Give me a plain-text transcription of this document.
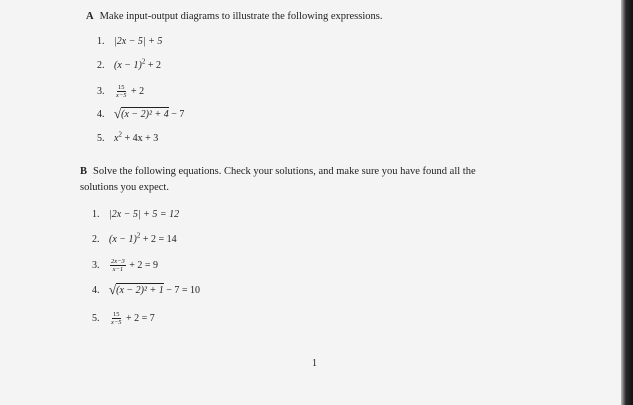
A Make input-output diagrams to illustrate the following expressions.
1. |2x − 5| + 5
2. $(x - 1)^2 + 2$
3. $\frac{15}{x-5} + 2$
4. √(x − 2)² + 4 − 7
5. $x^2 + 4x + 3$
B Solve the following equations. Check your solutions, and make sure you have found all the
solutions you expect.
1. |2x − 5| + 5 = 12
2. $(x - 1)^2 + 2 = 14$
3. $\frac{2x-3}{x-1} + 2 = 9$
4. √(x − 2)² + 1 − 7 = 10
5. $\frac{15}{x-5} + 2 = 7$
1
